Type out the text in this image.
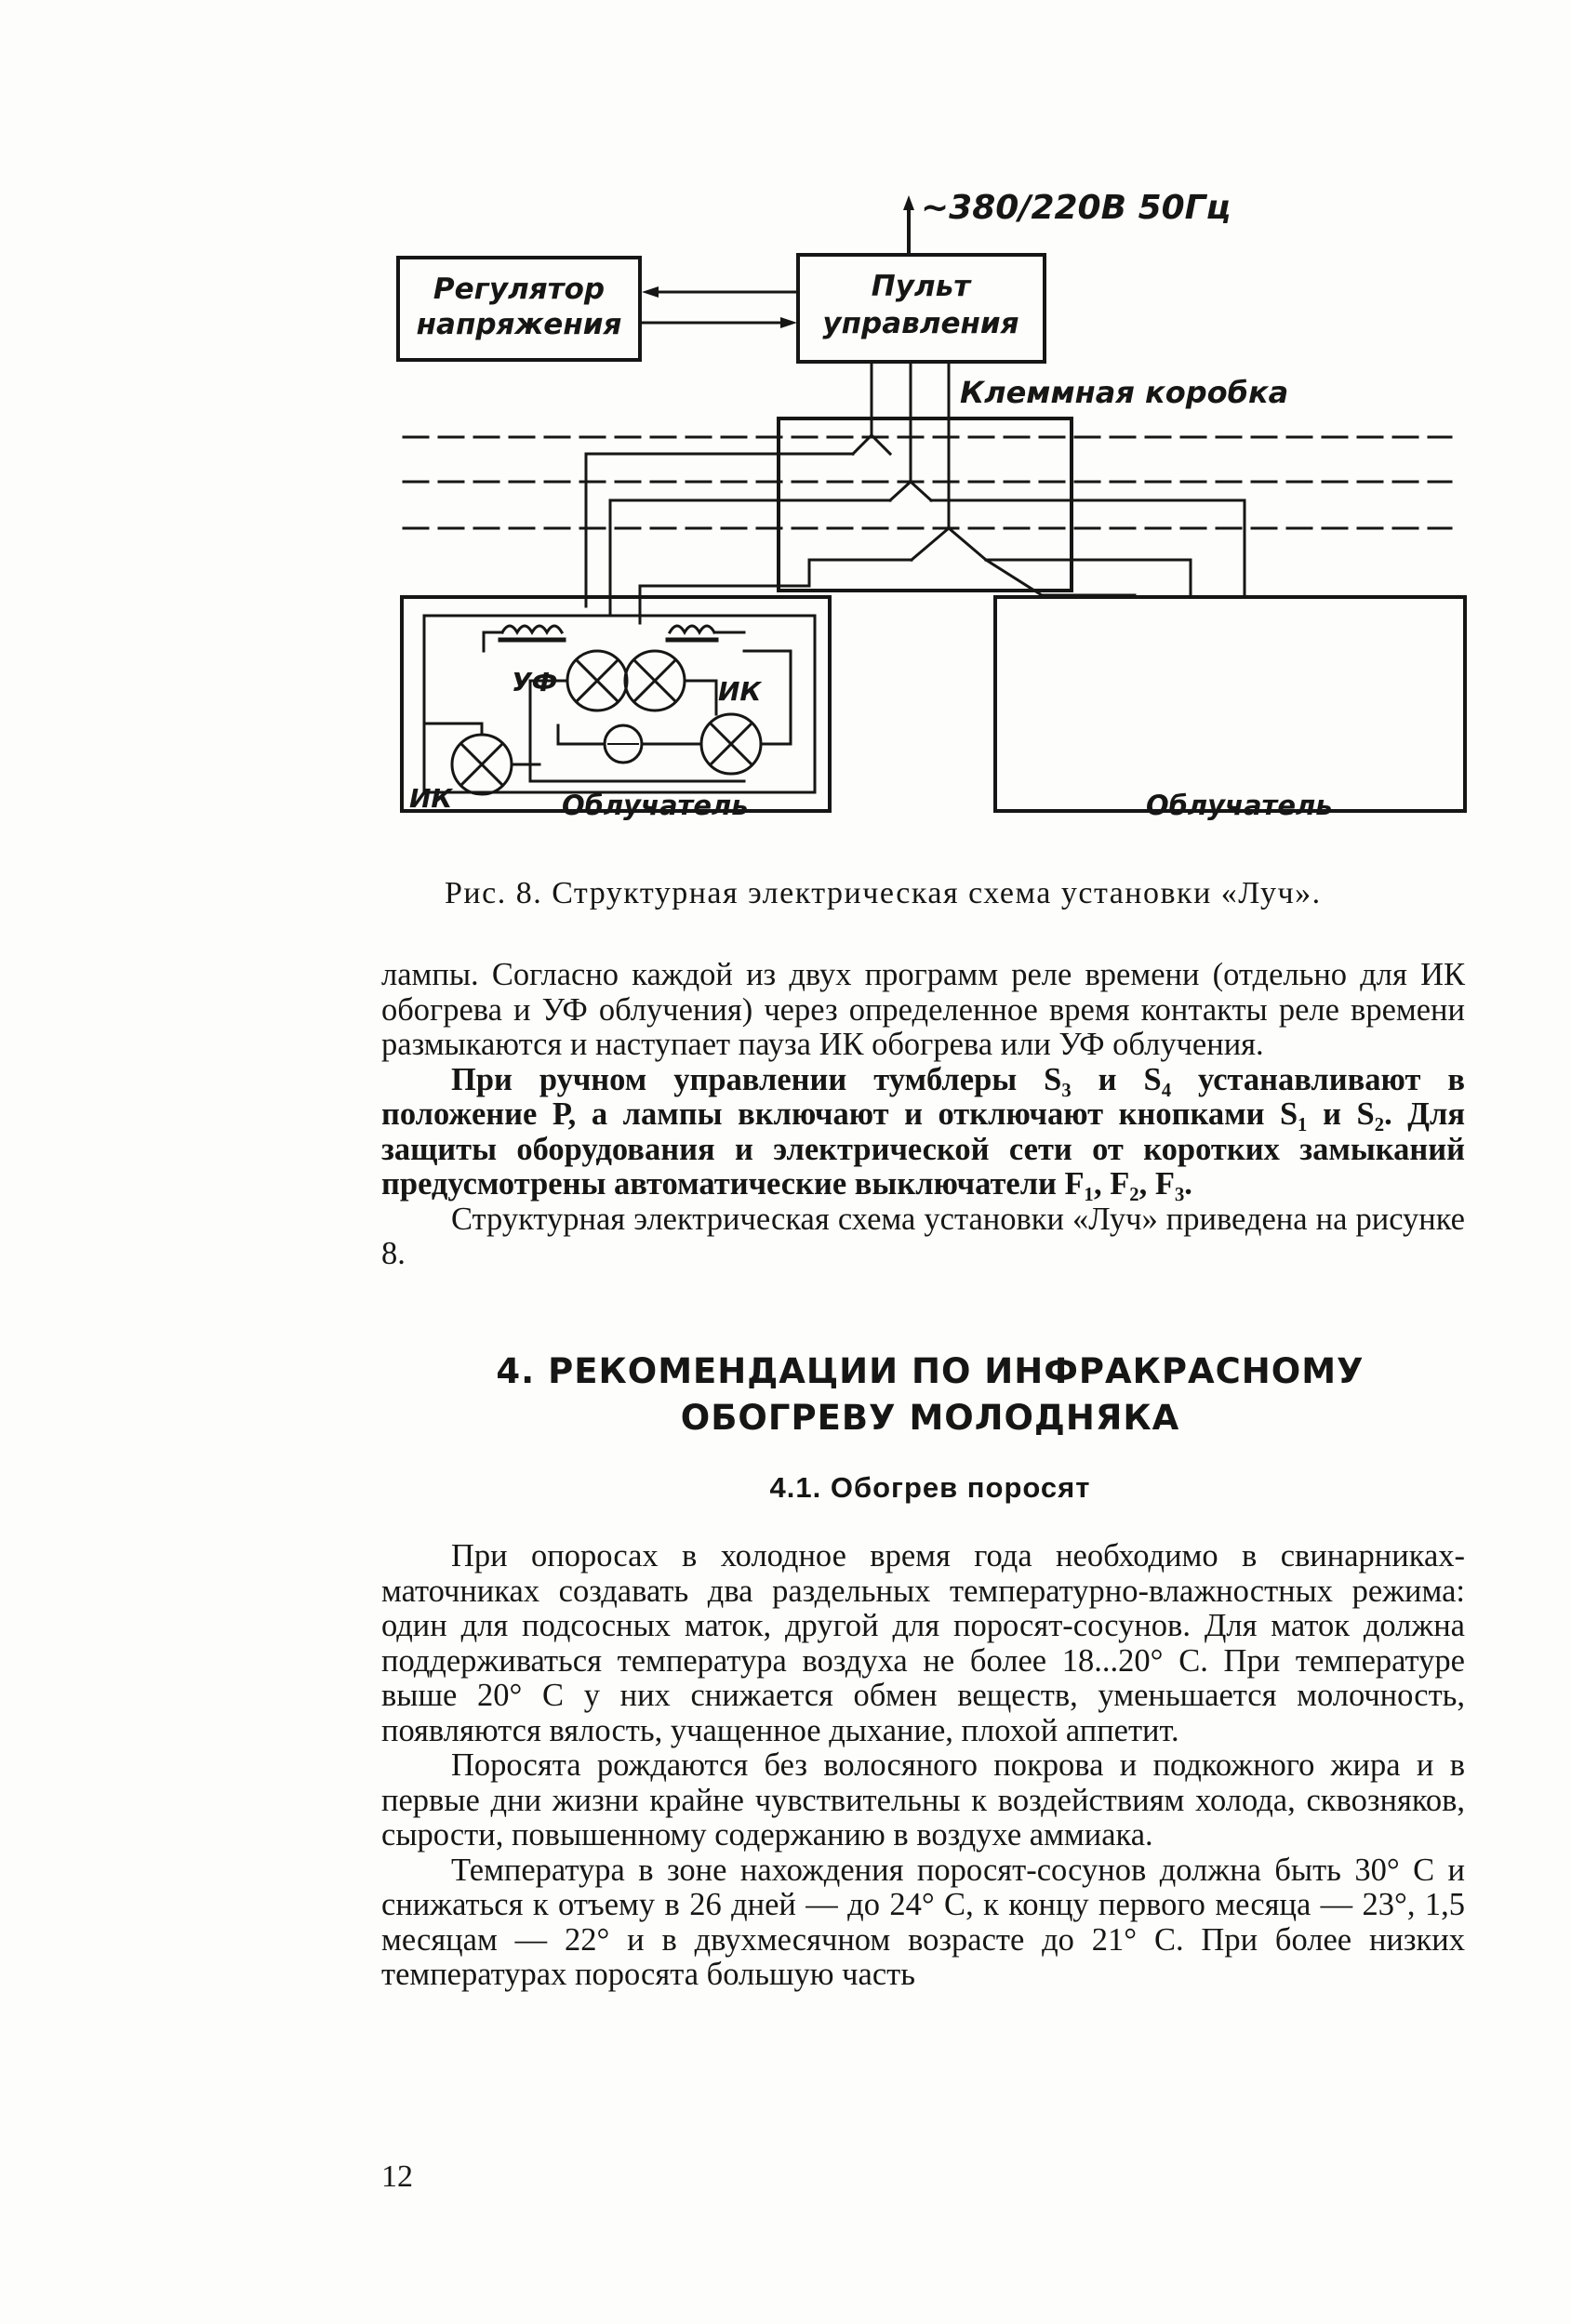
~380/220В 50Гц
Регулятор
напряжения
Пульт
управления
Клеммная коробка
УФ	ИК
ИК	Облучатель	Облучатель
Рис. 8. Структурная электрическая схема установки «Луч».

лампы. Согласно каждой из двух программ реле времени (отдельно для ИК обогрева и УФ облучения) через определенное время контакты реле времени размыкаются и наступает пауза ИК обогрева или УФ облучения.

При ручном управлении тумблеры S₃ и S₄ устанавливают в положение Р, а лампы включают и отключают кнопками S₁ и S₂. Для защиты оборудования и электрической сети от коротких замыканий предусмотрены автоматические выключатели F₁, F₂, F₃.

Структурная электрическая схема установки «Луч» приведена на рисунке 8.

4. РЕКОМЕНДАЦИИ ПО ИНФРАКРАСНОМУ ОБОГРЕВУ МОЛОДНЯКА
4.1. Обогрев поросят

При опоросах в холодное время года необходимо в свинарниках-маточниках создавать два раздельных температурно-влажностных режима: один для подсосных маток, другой для поросят-сосунов. Для маток должна поддерживаться температура воздуха не более 18...20° С. При температуре выше 20° С у них снижается обмен веществ, уменьшается молочность, появляются вялость, учащенное дыхание, плохой аппетит.

Поросята рождаются без волосяного покрова и подкожного жира и в первые дни жизни крайне чувствительны к воздействиям холода, сквозняков, сырости, повышенному содержанию в воздухе аммиака.

Температура в зоне нахождения поросят-сосунов должна быть 30° С и снижаться к отъему в 26 дней — до 24° С, к концу первого месяца — 23°, 1,5 месяцам — 22° и в двухмесячном возрасте до 21° С. При более низких температурах поросята большую часть

12
